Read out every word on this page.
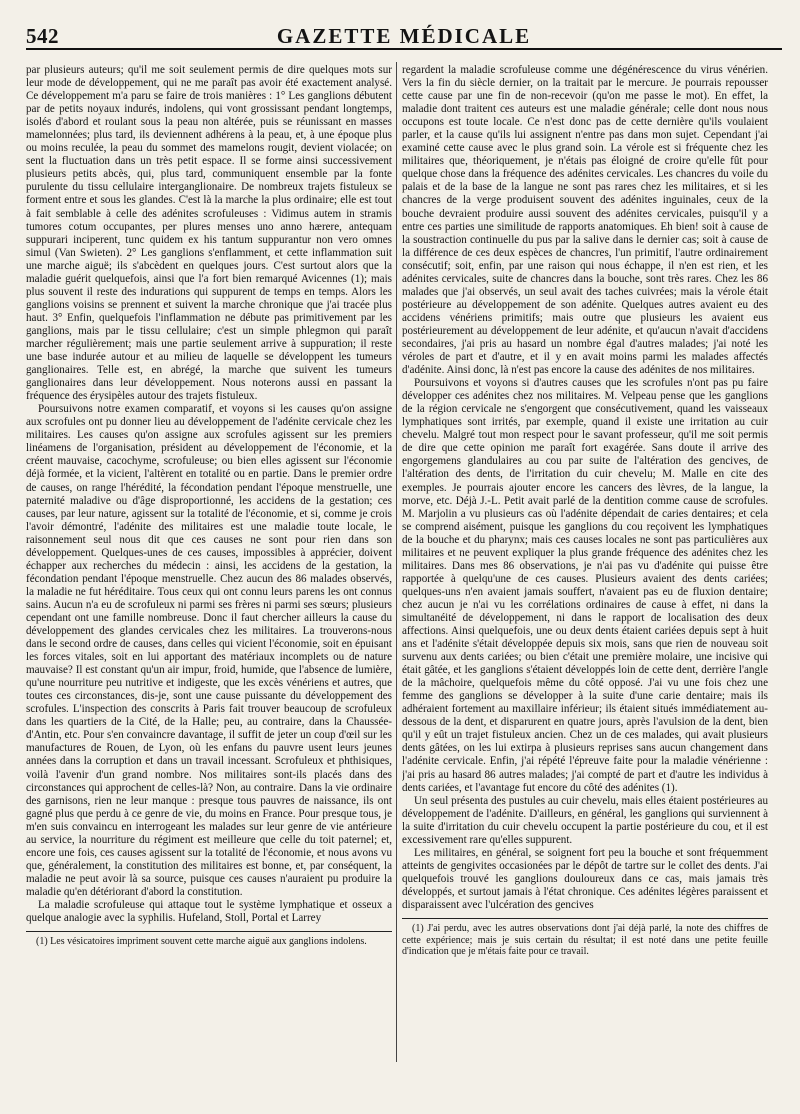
542	GAZETTE MÉDICALE

par plusieurs auteurs; qu'il me soit seulement permis de dire quelques mots sur leur mode de développement, qui ne me paraît pas avoir été exactement analysé. Ce développement m'a paru se faire de trois manières : 1° Les ganglions débutent par de petits noyaux indurés, indolens, qui vont grossissant pendant longtemps, isolés d'abord et roulant sous la peau non altérée, puis se réunissant en masses mamelonnées; plus tard, ils deviennent adhérens à la peau, et, à une époque plus ou moins reculée, la peau du sommet des mamelons rougit, devient violacée; on sent la fluctuation dans un très petit espace. Il se forme ainsi successivement plusieurs petits abcès, qui, plus tard, communiquent ensemble par la fonte purulente du tissu cellulaire interganglionaire. De nombreux trajets fistuleux se forment entre et sous les glandes. C'est là la marche la plus ordinaire; elle est tout à fait semblable à celle des adénites scrofuleuses : Vidimus autem in stramis tumores cotum occupantes, per plures menses uno anno hærere, antequam suppurari inciperent, tunc quidem ex his tantum suppurantur non vero omnes simul (Van Swieten). 2° Les ganglions s'enflamment, et cette inflammation suit une marche aiguë; ils s'abcèdent en quelques jours. C'est surtout alors que la maladie guérit quelquefois, ainsi que l'a fort bien remarqué Avicennes (1); mais plus souvent il reste des indurations qui suppurent de temps en temps. Alors les ganglions voisins se prennent et suivent la marche chronique que j'ai tracée plus haut. 3° Enfin, quelquefois l'inflammation ne débute pas primitivement par les ganglions, mais par le tissu cellulaire; c'est un simple phlegmon qui paraît marcher régulièrement; mais une partie seulement arrive à suppuration; il reste une base indurée autour et au milieu de laquelle se développent les tumeurs ganglionaires. Telle est, en abrégé, la marche que suivent les tumeurs ganglionaires dans leur développement. Nous noterons aussi en passant la fréquence des érysipèles autour des trajets fistuleux.

Poursuivons notre examen comparatif, et voyons si les causes qu'on assigne aux scrofules ont pu donner lieu au développement de l'adénite cervicale chez les militaires. Les causes qu'on assigne aux scrofules agissent sur les premiers linéamens de l'organisation, président au développement de l'économie, et la créent mauvaise, cacochyme, scrofuleuse; ou bien elles agissent sur l'économie déjà formée, et la vicient, l'altèrent en totalité ou en partie. Dans le premier ordre de causes, on range l'hérédité, la fécondation pendant l'époque menstruelle, une paternité maladive ou d'âge disproportionné, les accidens de la gestation; ces causes, par leur nature, agissent sur la totalité de l'économie, et si, comme je crois l'avoir démontré, l'adénite des militaires est une maladie toute locale, le raisonnement seul nous dit que ces causes ne sont pour rien dans son développement. Quelques-unes de ces causes, impossibles à apprécier, doivent échapper aux recherches du médecin : ainsi, les accidens de la gestation, la fécondation pendant l'époque menstruelle. Chez aucun des 86 malades observés, la maladie ne fut héréditaire. Tous ceux qui ont connu leurs parens les ont connus sains. Aucun n'a eu de scrofuleux ni parmi ses frères ni parmi ses sœurs; plusieurs cependant ont une famille nombreuse. Donc il faut chercher ailleurs la cause du développement des glandes cervicales chez les militaires. La trouverons-nous dans le second ordre de causes, dans celles qui vicient l'économie, soit en épuisant les forces vitales, soit en lui apportant des matériaux incomplets ou de nature mauvaise? Il est constant qu'un air impur, froid, humide, que l'absence de lumière, qu'une nourriture peu nutritive et indigeste, que les excès vénériens et autres, que toutes ces circonstances, dis-je, sont une cause puissante du développement des scrofules. L'inspection des conscrits à Paris fait trouver beaucoup de scrofuleux dans les quartiers de la Cité, de la Halle; peu, au contraire, dans la Chaussée-d'Antin, etc. Pour s'en convaincre davantage, il suffit de jeter un coup d'œil sur les manufactures de Rouen, de Lyon, où les enfans du pauvre usent leurs jeunes années dans la corruption et dans un travail incessant. Scrofuleux et phthisiques, voilà l'avenir d'un grand nombre. Nos militaires sont-ils placés dans des circonstances qui approchent de celles-là? Non, au contraire. Dans la vie ordinaire des garnisons, rien ne leur manque : presque tous pauvres de naissance, ils ont gagné plus que perdu à ce genre de vie, du moins en France. Pour presque tous, je m'en suis convaincu en interrogeant les malades sur leur genre de vie antérieure au service, la nourriture du régiment est meilleure que celle du toit paternel; et, encore une fois, ces causes agissent sur la totalité de l'économie, et nous avons vu que, généralement, la constitution des militaires est bonne, et, par conséquent, la maladie ne peut avoir là sa source, puisque ces causes n'auraient pu produire la maladie qu'en détériorant d'abord la constitution.

La maladie scrofuleuse qui attaque tout le système lymphatique et osseux a quelque analogie avec la syphilis. Hufeland, Stoll, Portal et Larrey

(1) Les vésicatoires impriment souvent cette marche aiguë aux ganglions indolens.

regardent la maladie scrofuleuse comme une dégénérescence du virus vénérien. Vers la fin du siècle dernier, on la traitait par le mercure. Je pourrais repousser cette cause par une fin de non-recevoir (qu'on me passe le mot). En effet, la maladie dont traitent ces auteurs est une maladie générale; celle dont nous nous occupons est toute locale. Ce n'est donc pas de cette dernière qu'ils voulaient parler, et la cause qu'ils lui assignent n'entre pas dans mon sujet. Cependant j'ai examiné cette cause avec le plus grand soin. La vérole est si fréquente chez les militaires que, théoriquement, je n'étais pas éloigné de croire qu'elle fût pour quelque chose dans la fréquence des adénites cervicales. Les chancres du voile du palais et de la base de la langue ne sont pas rares chez les militaires, et si les chancres de la verge produisent souvent des adénites inguinales, ceux de la bouche devraient produire aussi souvent des adénites cervicales, puisqu'il y a entre ces parties une similitude de rapports anatomiques. Eh bien! soit à cause de la soustraction continuelle du pus par la salive dans le dernier cas; soit à cause de la différence de ces deux espèces de chancres, l'un primitif, l'autre ordinairement consécutif; soit, enfin, par une raison qui nous échappe, il n'en est rien, et les adénites cervicales, suite de chancres dans la bouche, sont très rares. Chez les 86 malades que j'ai observés, un seul avait des taches cuivrées; mais la vérole était postérieure au développement de son adénite. Quelques autres avaient eu des accidens vénériens primitifs; mais outre que plusieurs les avaient eus postérieurement au développement de leur adénite, et qu'aucun n'avait d'accidens secondaires, j'ai pris au hasard un nombre égal d'autres malades; j'ai noté les véroles de part et d'autre, et il y en avait moins parmi les malades affectés d'adénite. Ainsi donc, là n'est pas encore la cause des adénites de nos militaires.

Poursuivons et voyons si d'autres causes que les scrofules n'ont pas pu faire développer ces adénites chez nos militaires. M. Velpeau pense que les ganglions de la région cervicale ne s'engorgent que consécutivement, quand les vaisseaux lymphatiques sont irrités, par exemple, quand il existe une irritation au cuir chevelu. Malgré tout mon respect pour le savant professeur, qu'il me soit permis de dire que cette opinion me paraît fort exagérée. Sans doute il arrive des engorgemens glandulaires au cou par suite de l'altération des gencives, de l'altération des dents, de l'irritation du cuir chevelu; M. Malle en cite des exemples. Je pourrais ajouter encore les cancers des lèvres, de la langue, la morve, etc. Déjà J.-L. Petit avait parlé de la dentition comme cause de scrofules. M. Marjolin a vu plusieurs cas où l'adénite dépendait de caries dentaires; et cela se comprend aisément, puisque les ganglions du cou reçoivent les lymphatiques de la bouche et du pharynx; mais ces causes locales ne sont pas particulières aux militaires et ne peuvent expliquer la plus grande fréquence des adénites chez les militaires. Dans mes 86 observations, je n'ai pas vu d'adénite qui puisse être rapportée à quelqu'une de ces causes. Plusieurs avaient des dents cariées; quelques-uns n'en avaient jamais souffert, n'avaient pas eu de fluxion dentaire; chez aucun je n'ai vu les corrélations ordinaires de cause à effet, ni dans la simultanéité de développement, ni dans le rapport de localisation des deux affections. Ainsi quelquefois, une ou deux dents étaient cariées depuis sept à huit ans et l'adénite s'était développée depuis six mois, sans que rien de nouveau soit survenu aux dents cariées; ou bien c'était une première molaire, une incisive qui était gâtée, et les ganglions s'étaient développés loin de cette dent, derrière l'angle de la mâchoire, quelquefois même du côté opposé. J'ai vu une fois chez une femme des ganglions se développer à la suite d'une carie dentaire; mais ils adhéraient fortement au maxillaire inférieur; ils étaient situés immédiatement au-dessous de la dent, et disparurent en quatre jours, après l'avulsion de la dent, bien qu'il y eût un trajet fistuleux ancien. Chez un de ces malades, qui avait plusieurs dents gâtées, on les lui extirpa à plusieurs reprises sans aucun changement dans l'adénite cervicale. Enfin, j'ai répété l'épreuve faite pour la maladie vénérienne : j'ai pris au hasard 86 autres malades; j'ai compté de part et d'autre les individus à dents cariées, et l'avantage fut encore du côté des adénites (1).

Un seul présenta des pustules au cuir chevelu, mais elles étaient postérieures au développement de l'adénite. D'ailleurs, en général, les ganglions qui surviennent à la suite d'irritation du cuir chevelu occupent la partie postérieure du cou, et il est excessivement rare qu'elles suppurent.

Les militaires, en général, se soignent fort peu la bouche et sont fréquemment atteints de gengivites occasionées par le dépôt de tartre sur le collet des dents. J'ai quelquefois trouvé les ganglions douloureux dans ce cas, mais jamais très développés, et surtout jamais à l'état chronique. Ces adénites légères paraissent et disparaissent avec l'ulcération des gencives

(1) J'ai perdu, avec les autres observations dont j'ai déjà parlé, la note des chiffres de cette expérience; mais je suis certain du résultat; il est noté dans une petite feuille d'indication que je m'étais faite pour ce travail.
